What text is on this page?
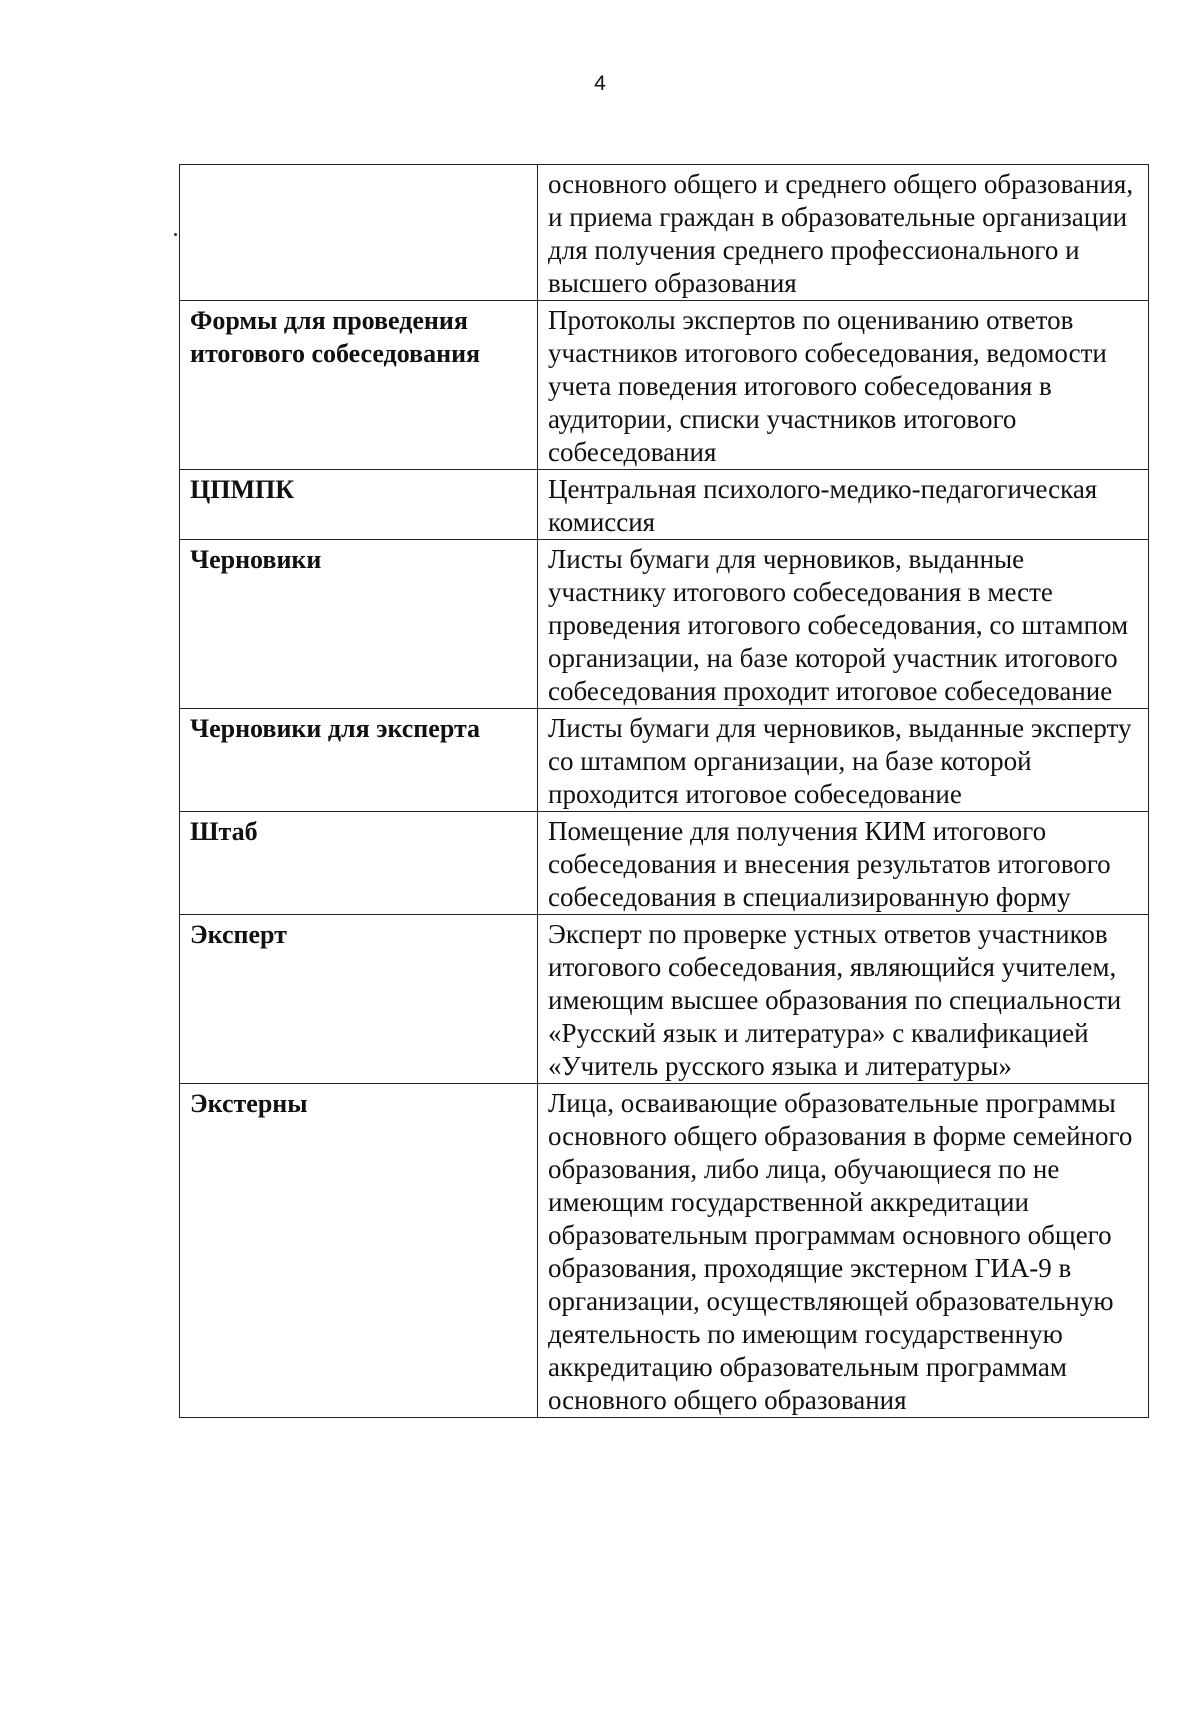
4
	основного общего и среднего общего образования, и приема граждан в образовательные организации для получения среднего профессионального и высшего образования
Формы для проведения итогового собеседования	Протоколы экспертов по оцениванию ответов участников итогового собеседования, ведомости учета поведения итогового собеседования в аудитории, списки участников итогового собеседования
ЦПМПК	Центральная психолого-медико-педагогическая комиссия
Черновики	Листы бумаги для черновиков, выданные участнику итогового собеседования в месте проведения итогового собеседования, со штампом организации, на базе которой участник итогового собеседования проходит итоговое собеседование
Черновики для эксперта	Листы бумаги для черновиков, выданные эксперту со штампом организации, на базе которой проходится итоговое собеседование
Штаб	Помещение для получения КИМ итогового собеседования и внесения результатов итогового собеседования в специализированную форму
Эксперт	Эксперт по проверке устных ответов участников итогового собеседования, являющийся учителем, имеющим высшее образования по специальности «Русский язык и литература» с квалификацией «Учитель русского языка и литературы»
Экстерны	Лица, осваивающие образовательные программы основного общего образования в форме семейного образования, либо лица, обучающиеся по не имеющим государственной аккредитации образовательным программам основного общего образования, проходящие экстерном ГИА-9 в организации, осуществляющей образовательную деятельность по имеющим государственную аккредитацию образовательным программам основного общего образования
